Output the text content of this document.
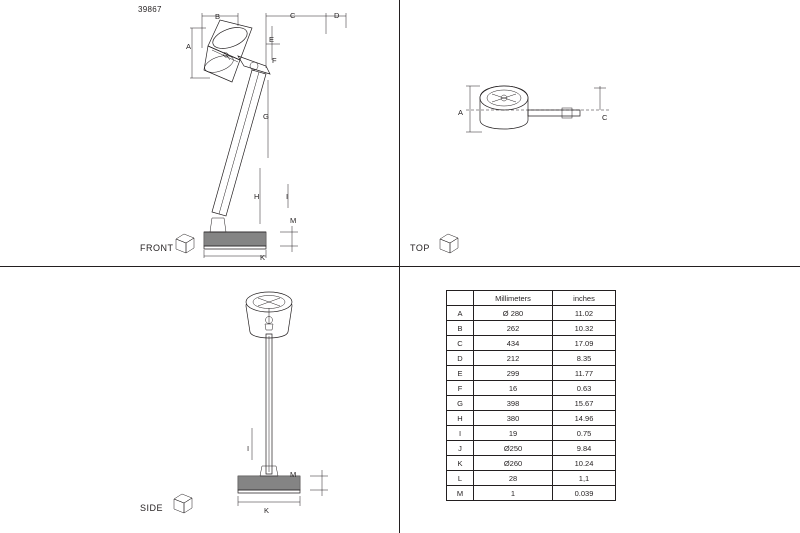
39867
B	C	D
A
E
F
G
H	I
M
K
FRONT
A
C
TOP
I
M
K
SIDE
	Millimeters	inches
A	Ø 280	11.02
B	262	10.32
C	434	17.09
D	212	8.35
E	299	11.77
F	16	0.63
G	398	15.67
H	380	14.96
I	19	0.75
J	Ø250	9.84
K	Ø260	10.24
L	28	1,1
M	1	0.039
